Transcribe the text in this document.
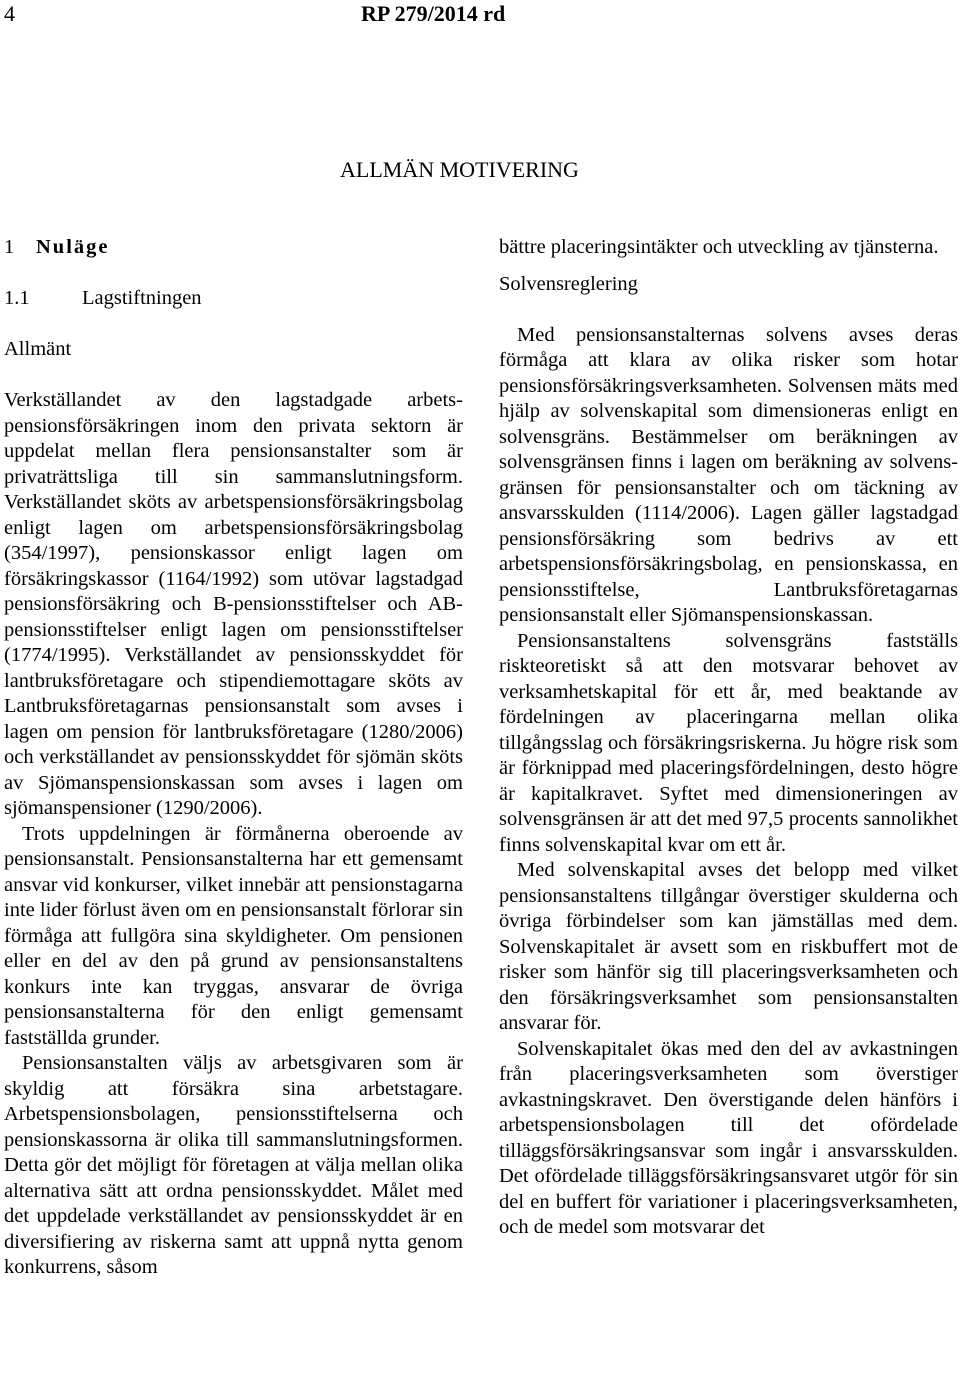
4	RP 279/2014 rd
ALLMÄN MOTIVERING
1 Nuläge
1.1	Lagstiftningen
Allmänt

Verkställandet av den lagstadgade arbetspensionsförsäkringen inom den privata sektorn är uppdelat mellan flera pensionsanstalter som är privaträttsliga till sin sammanslutningsform. Verkställandet sköts av arbetspensionsförsäkringsbolag enligt lagen om arbetspensionsförsäkringsbolag (354/1997), pensionskassor enligt lagen om försäkringskassor (1164/1992) som utövar lagstadgad pensionsförsäkring och B-pensionsstiftelser och AB-pensionsstiftelser enligt lagen om pensionsstiftelser (1774/1995). Verkställandet av pensionsskyddet för lantbruksföretagare och stipendiemottagare sköts av Lantbruksföretagarnas pensionsanstalt som avses i lagen om pension för lantbruksföretagare (1280/2006) och verkställandet av pensionsskyddet för sjömän sköts av Sjömanspensionskassan som avses i lagen om sjömanspensioner (1290/2006).

Trots uppdelningen är förmånerna oberoende av pensionsanstalt. Pensionsanstalterna har ett gemensamt ansvar vid konkurser, vilket innebär att pensionstagarna inte lider förlust även om en pensionsanstalt förlorar sin förmåga att fullgöra sina skyldigheter. Om pensionen eller en del av den på grund av pensionsanstaltens konkurs inte kan tryggas, ansvarar de övriga pensionsanstalterna för den enligt gemensamt fastställda grunder.

Pensionsanstalten väljs av arbetsgivaren som är skyldig att försäkra sina arbetstagare. Arbetspensionsbolagen, pensionsstiftelserna och pensionskassorna är olika till sammanslutningsformen. Detta gör det möjligt för företagen at välja mellan olika alternativa sätt att ordna pensionsskyddet. Målet med det uppdelade verkställandet av pensionsskyddet är en diversifiering av riskerna samt att uppnå nytta genom konkurrens, såsom

bättre placeringsintäkter och utveckling av tjänsterna.

Solvensreglering

Med pensionsanstalternas solvens avses deras förmåga att klara av olika risker som hotar pensionsförsäkringsverksamheten. Solvensen mäts med hjälp av solvenskapital som dimensioneras enligt en solvensgräns. Bestämmelser om beräkningen av solvensgränsen finns i lagen om beräkning av solvensgränsen för pensionsanstalter och om täckning av ansvarsskulden (1114/2006). Lagen gäller lagstadgad pensionsförsäkring som bedrivs av ett arbetspensionsförsäkringsbolag, en pensionskassa, en pensionsstiftelse, Lantbruksföretagarnas pensionsanstalt eller Sjömanspensionskassan.

Pensionsanstaltens solvensgräns fastställs riskteoretiskt så att den motsvarar behovet av verksamhetskapital för ett år, med beaktande av fördelningen av placeringarna mellan olika tillgångsslag och försäkringsriskerna. Ju högre risk som är förknippad med placeringsfördelningen, desto högre är kapitalkravet. Syftet med dimensioneringen av solvensgränsen är att det med 97,5 procents sannolikhet finns solvenskapital kvar om ett år.

Med solvenskapital avses det belopp med vilket pensionsanstaltens tillgångar överstiger skulderna och övriga förbindelser som kan jämställas med dem. Solvenskapitalet är avsett som en riskbuffert mot de risker som hänför sig till placeringsverksamheten och den försäkringsverksamhet som pensionsanstalten ansvarar för.

Solvenskapitalet ökas med den del av avkastningen från placeringsverksamheten som överstiger avkastningskravet. Den överstigande delen hänförs i arbetspensionsbolagen till det ofördelade tilläggsförsäkringsansvar som ingår i ansvarsskulden. Det ofördelade tilläggsförsäkringsansvaret utgör för sin del en buffert för variationer i placeringsverksamheten, och de medel som motsvarar det
